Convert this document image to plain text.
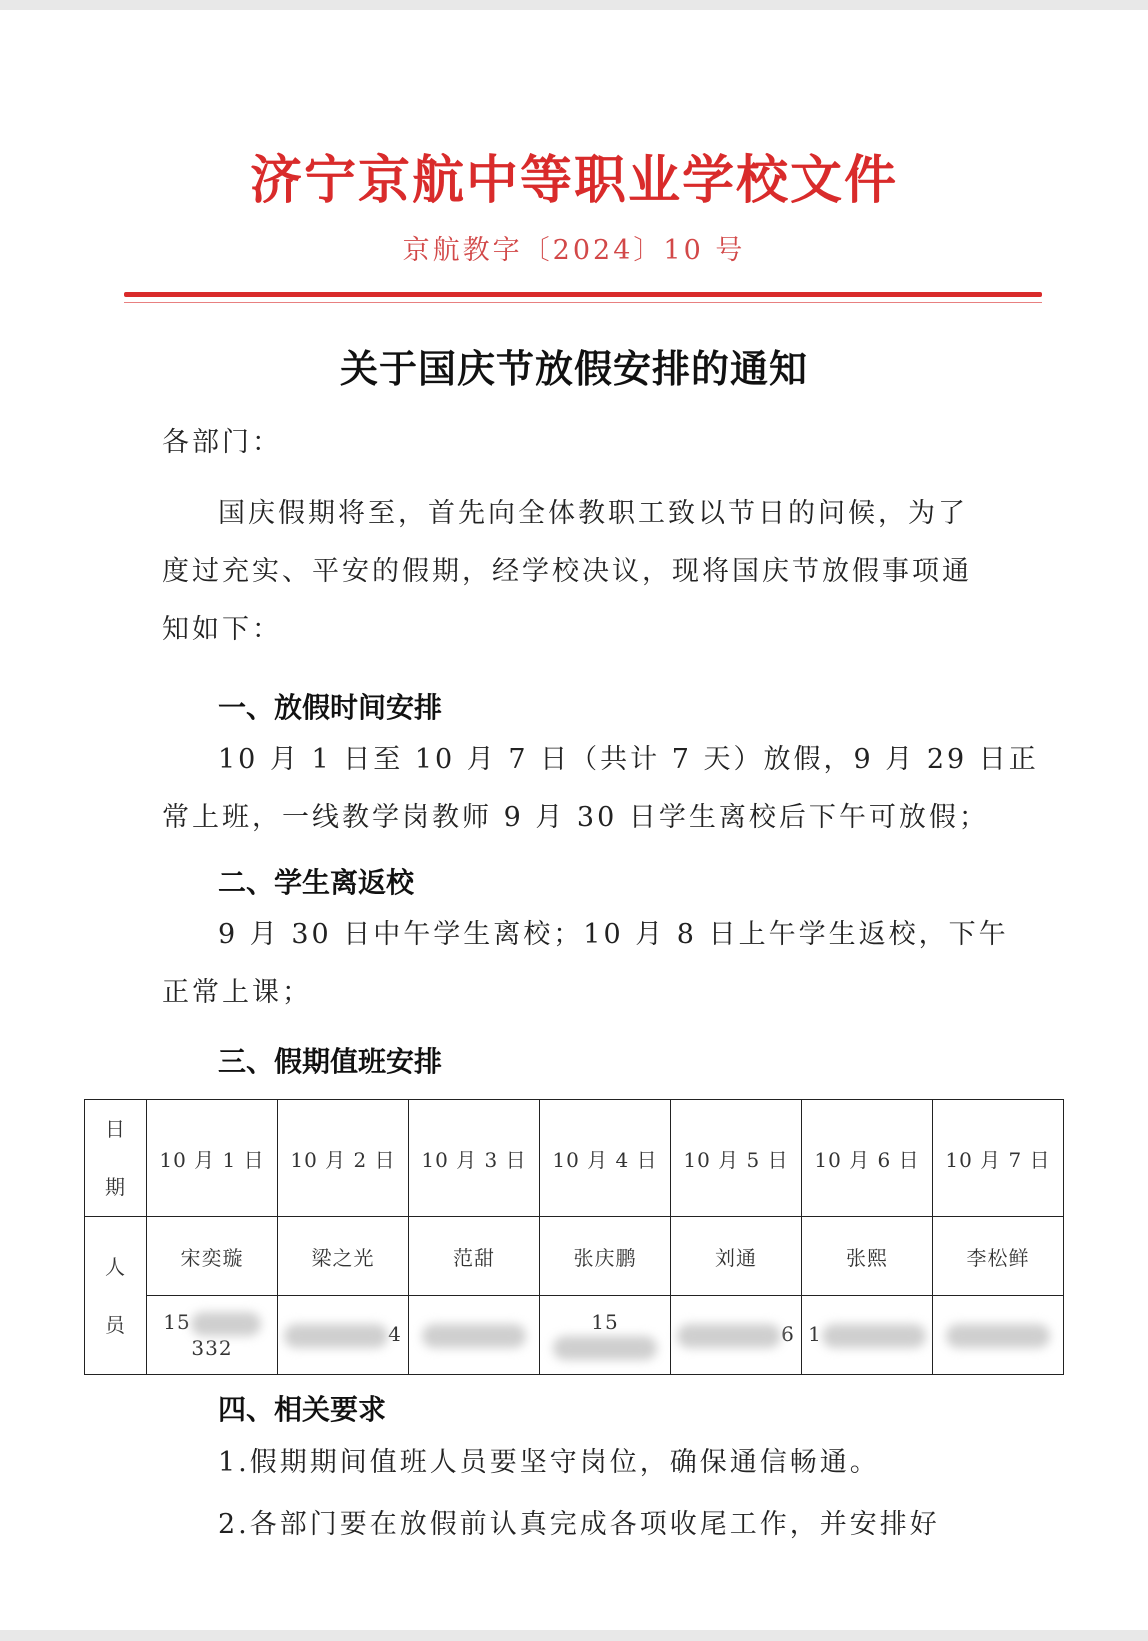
济宁京航中等职业学校文件
京航教字〔2024〕10 号
关于国庆节放假安排的通知
各部门：
国庆假期将至，首先向全体教职工致以节日的问候，为了
度过充实、平安的假期，经学校决议，现将国庆节放假事项通
知如下：
一、放假时间安排
10 月 1 日至 10 月 7 日（共计 7 天）放假，9 月 29 日正
常上班，一线教学岗教师 9 月 30 日学生离校后下午可放假；
二、学生离返校
9 月 30 日中午学生离校；10 月 8 日上午学生返校，下午
正常上课；
三、假期值班安排
日
期	10 月 1 日	10 月 2 日	10 月 3 日	10 月 4 日	10 月 5 日	10 月 6 日	10 月 7 日

人
员	宋奕璇	梁之光	范甜	张庆鹏	刘通	张熙	李松鲜
	15332	4		15	6	1	
四、相关要求
1.假期期间值班人员要坚守岗位，确保通信畅通。
2.各部门要在放假前认真完成各项收尾工作，并安排好
